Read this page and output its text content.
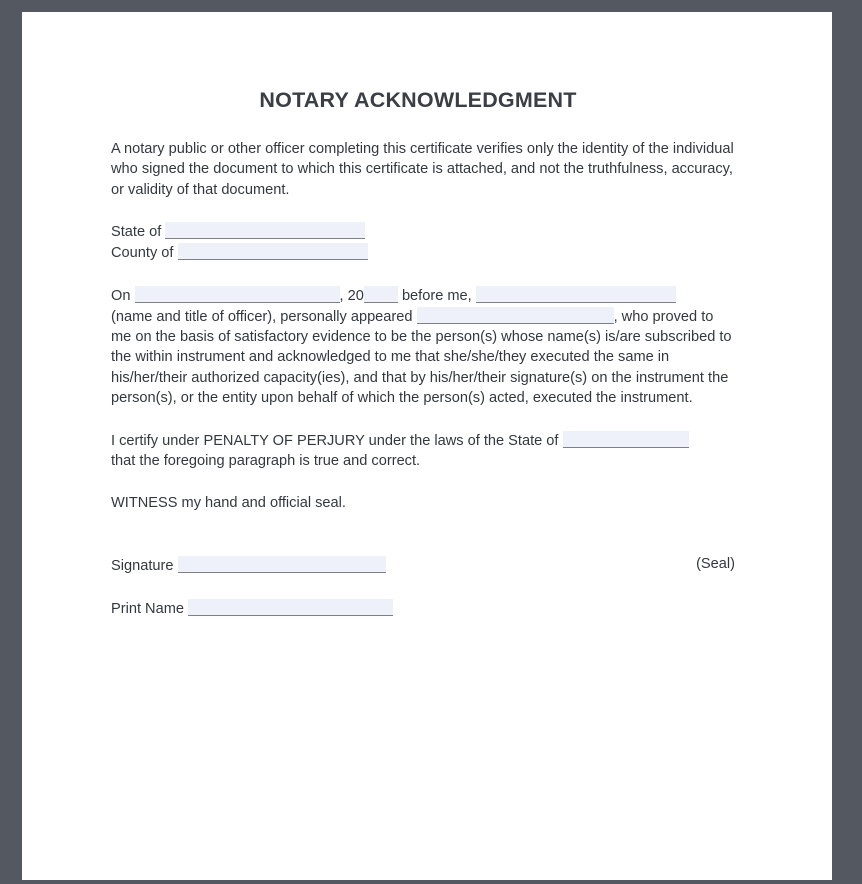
NOTARY ACKNOWLEDGMENT

A notary public or other officer completing this certificate verifies only the identity of the individual who signed the document to which this certificate is attached, and not the truthfulness, accuracy, or validity of that document.

State of
County of
On	, 20	before me,
(name and title of officer), personally appeared	, who proved to me on the basis of satisfactory evidence to be the person(s) whose name(s) is/are subscribed to the within instrument and acknowledged to me that she/she/they executed the same in his/her/their authorized capacity(ies), and that by his/her/their signature(s) on the instrument the person(s), or the entity upon behalf of which the person(s) acted, executed the instrument.
I certify under PENALTY OF PERJURY under the laws of the State of
that the foregoing paragraph is true and correct.
WITNESS my hand and official seal.
Signature	(Seal)
Print Name
